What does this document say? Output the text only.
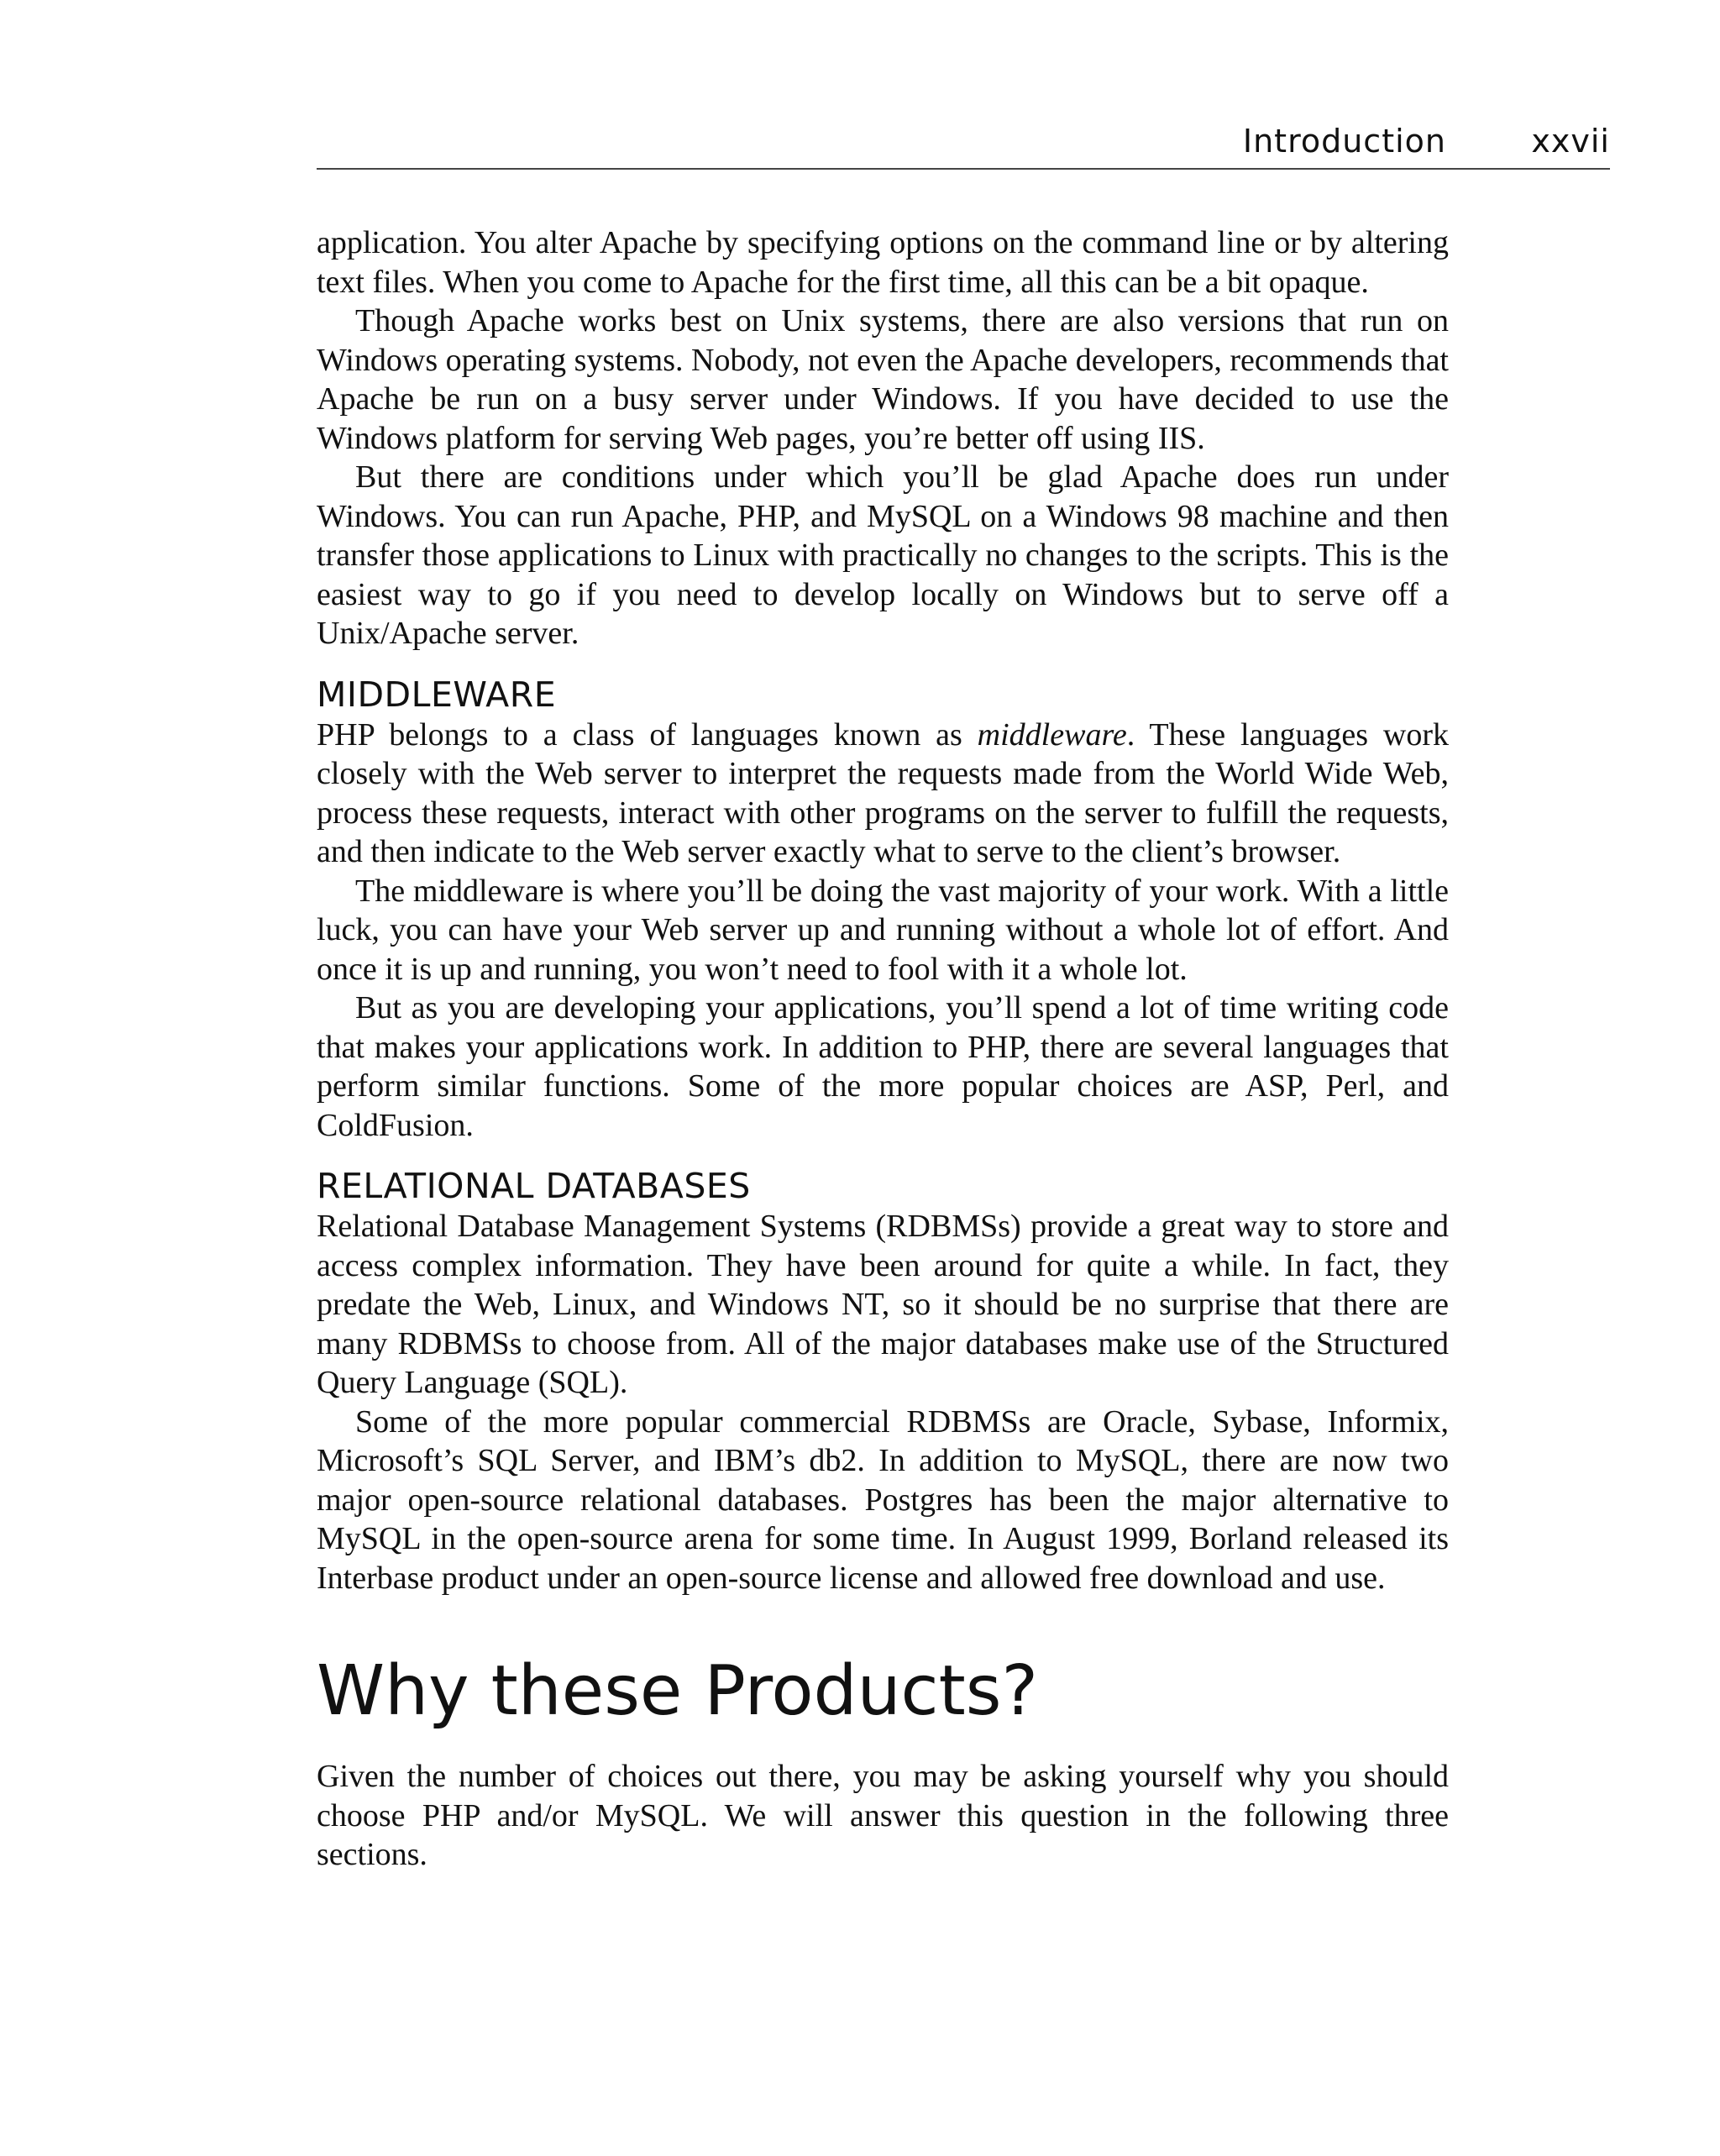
Introduction	xxvii

application. You alter Apache by specifying options on the command line or by altering text files. When you come to Apache for the first time, all this can be a bit opaque.

Though Apache works best on Unix systems, there are also versions that run on Windows operating systems. Nobody, not even the Apache developers, recommends that Apache be run on a busy server under Windows. If you have decided to use the Windows platform for serving Web pages, you’re better off using IIS.

But there are conditions under which you’ll be glad Apache does run under Windows. You can run Apache, PHP, and MySQL on a Windows 98 machine and then transfer those applications to Linux with practically no changes to the scripts. This is the easiest way to go if you need to develop locally on Windows but to serve off a Unix/Apache server.

MIDDLEWARE

PHP belongs to a class of languages known as middleware. These languages work closely with the Web server to interpret the requests made from the World Wide Web, process these requests, interact with other programs on the server to fulfill the requests, and then indicate to the Web server exactly what to serve to the client’s browser.

The middleware is where you’ll be doing the vast majority of your work. With a little luck, you can have your Web server up and running without a whole lot of effort. And once it is up and running, you won’t need to fool with it a whole lot.

But as you are developing your applications, you’ll spend a lot of time writing code that makes your applications work. In addition to PHP, there are several languages that perform similar functions. Some of the more popular choices are ASP, Perl, and ColdFusion.

RELATIONAL DATABASES

Relational Database Management Systems (RDBMSs) provide a great way to store and access complex information. They have been around for quite a while. In fact, they predate the Web, Linux, and Windows NT, so it should be no surprise that there are many RDBMSs to choose from. All of the major databases make use of the Structured Query Language (SQL).

Some of the more popular commercial RDBMSs are Oracle, Sybase, Informix, Microsoft’s SQL Server, and IBM’s db2. In addition to MySQL, there are now two major open-source relational databases. Postgres has been the major alternative to MySQL in the open-source arena for some time. In August 1999, Borland released its Interbase product under an open-source license and allowed free download and use.

Why these Products?

Given the number of choices out there, you may be asking yourself why you should choose PHP and/or MySQL. We will answer this question in the following three sections.
